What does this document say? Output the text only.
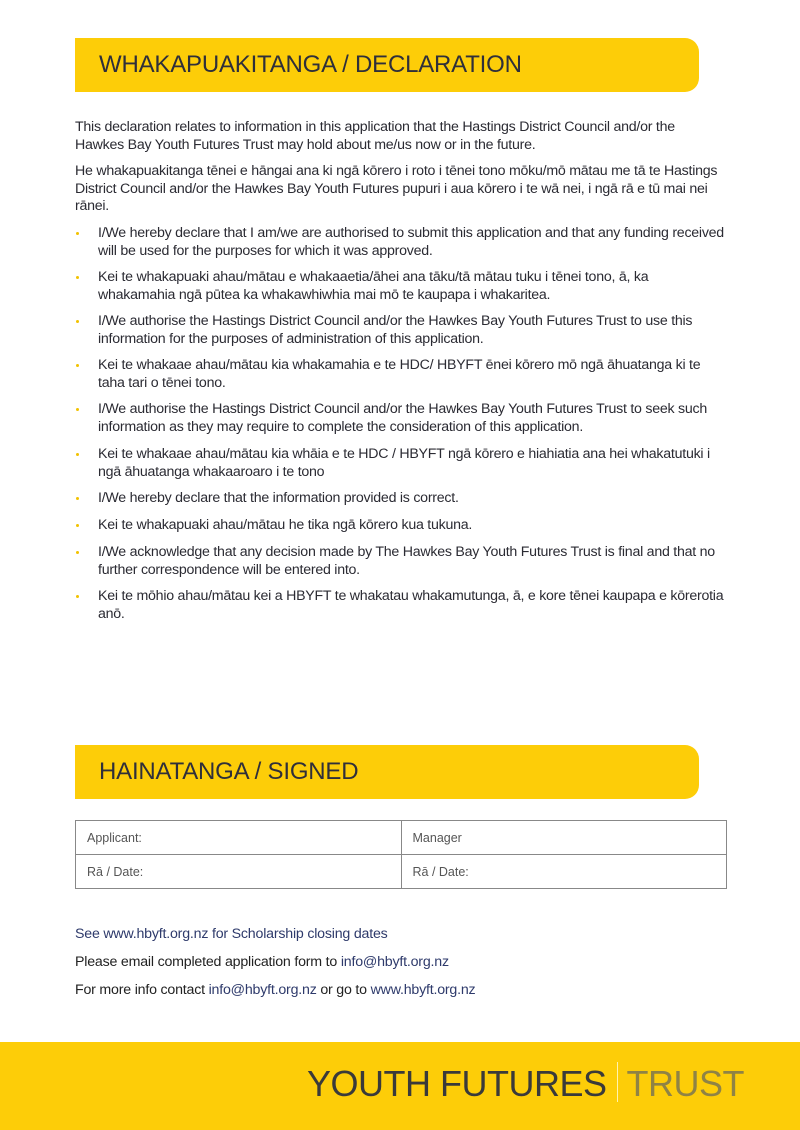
WHAKAPUAKITANGA / DECLARATION
This declaration relates to information in this application that the Hastings District Council and/or the Hawkes Bay Youth Futures Trust may hold about me/us now or in the future.
He whakapuakitanga tēnei e hāngai ana ki ngā kōrero i roto i tēnei tono mōku/mō mātau me tā te Hastings District Council and/or the Hawkes Bay Youth Futures pupuri i aua kōrero i te wā nei, i ngā rā e tū mai nei rānei.
I/We hereby declare that I am/we are authorised to submit this application and that any funding received will be used for the purposes for which it was approved.
Kei te whakapuaki ahau/mātau e whakaaetia/āhei ana tāku/tā mātau tuku i tēnei tono, ā, ka whakamahia ngā pūtea ka whakawhiwhia mai mō te kaupapa i whakaritea.
I/We authorise the Hastings District Council and/or the Hawkes Bay Youth Futures Trust to use this information for the purposes of administration of this application.
Kei te whakaae ahau/mātau kia whakamahia e te HDC/ HBYFT ēnei kōrero mō ngā āhuatanga ki te taha tari o tēnei tono.
I/We authorise the Hastings District Council and/or the Hawkes Bay Youth Futures Trust to seek such information as they may require to complete the consideration of this application.
Kei te whakaae ahau/mātau kia whāia e te HDC / HBYFT ngā kōrero e hiahiatia ana hei whakatutuki i ngā āhuatanga whakaaroaro i te tono
I/We hereby declare that the information provided is correct.
Kei te whakapuaki ahau/mātau he tika ngā kōrero kua tukuna.
I/We acknowledge that any decision made by The Hawkes Bay Youth Futures Trust is final and that no further correspondence will be entered into.
Kei te mōhio ahau/mātau kei a HBYFT te whakatau whakamutunga, ā, e kore tēnei kaupapa e kōrerotia anō.
HAINATANGA / SIGNED
Applicant:	Manager
Rā / Date:	Rā / Date:
See www.hbyft.org.nz for Scholarship closing dates
Please email completed application form to info@hbyft.org.nz
For more info contact info@hbyft.org.nz or go to www.hbyft.org.nz
YOUTH FUTURES TRUST
